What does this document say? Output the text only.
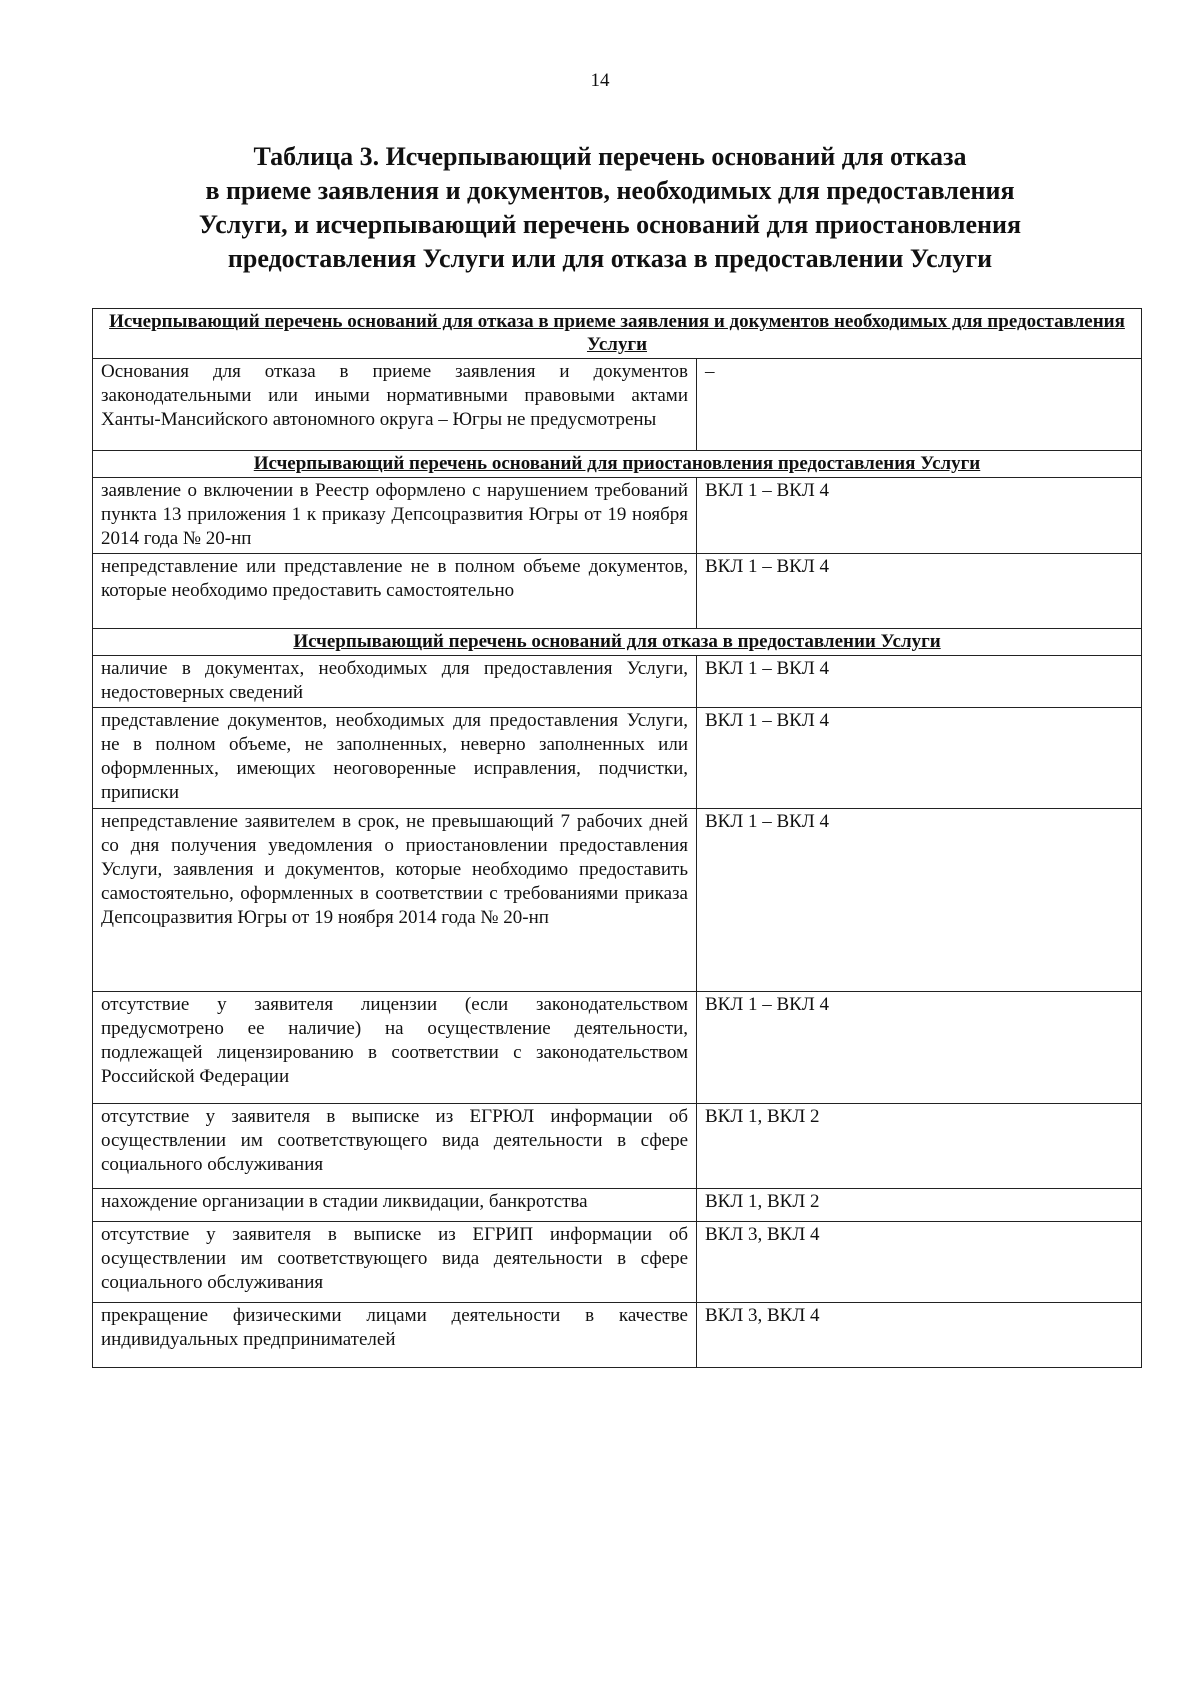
14
Таблица 3. Исчерпывающий перечень оснований для отказа
в приеме заявления и документов, необходимых для предоставления
Услуги, и исчерпывающий перечень оснований для приостановления
предоставления Услуги или для отказа в предоставлении Услуги
Исчерпывающий перечень оснований для отказа в приеме заявления и документов необходимых для предоставления Услуги	
Основания для отказа в приеме заявления и документов законодательными или иными нормативными правовыми актами Ханты-Мансийского автономного округа – Югры не предусмотрены	–
Исчерпывающий перечень оснований для приостановления предоставления Услуги	
заявление о включении в Реестр оформлено с нарушением требований пункта 13 приложения 1 к приказу Депсоцразвития Югры от 19 ноября 2014 года № 20-нп	ВКЛ 1 – ВКЛ 4
непредставление или представление не в полном объеме документов, которые необходимо предоставить самостоятельно	ВКЛ 1 – ВКЛ 4
Исчерпывающий перечень оснований для отказа в предоставлении Услуги	
наличие в документах, необходимых для предоставления Услуги, недостоверных сведений	ВКЛ 1 – ВКЛ 4
представление документов, необходимых для предоставления Услуги, не в полном объеме, не заполненных, неверно заполненных или оформленных, имеющих неоговоренные исправления, подчистки, приписки	ВКЛ 1 – ВКЛ 4
непредставление заявителем в срок, не превышающий 7 рабочих дней со дня получения уведомления о приостановлении предоставления Услуги, заявления и документов, которые необходимо предоставить самостоятельно, оформленных в соответствии с требованиями приказа Депсоцразвития Югры от 19 ноября 2014 года № 20-нп	ВКЛ 1 – ВКЛ 4
отсутствие у заявителя лицензии (если законодательством предусмотрено ее наличие) на осуществление деятельности, подлежащей лицензированию в соответствии с законодательством Российской Федерации	ВКЛ 1 – ВКЛ 4
отсутствие у заявителя в выписке из ЕГРЮЛ информации об осуществлении им соответствующего вида деятельности в сфере социального обслуживания	ВКЛ 1, ВКЛ 2
нахождение организации в стадии ликвидации, банкротства	ВКЛ 1, ВКЛ 2
отсутствие у заявителя в выписке из ЕГРИП информации об осуществлении им соответствующего вида деятельности в сфере социального обслуживания	ВКЛ 3, ВКЛ 4
прекращение физическими лицами деятельности в качестве индивидуальных предпринимателей	ВКЛ 3, ВКЛ 4
